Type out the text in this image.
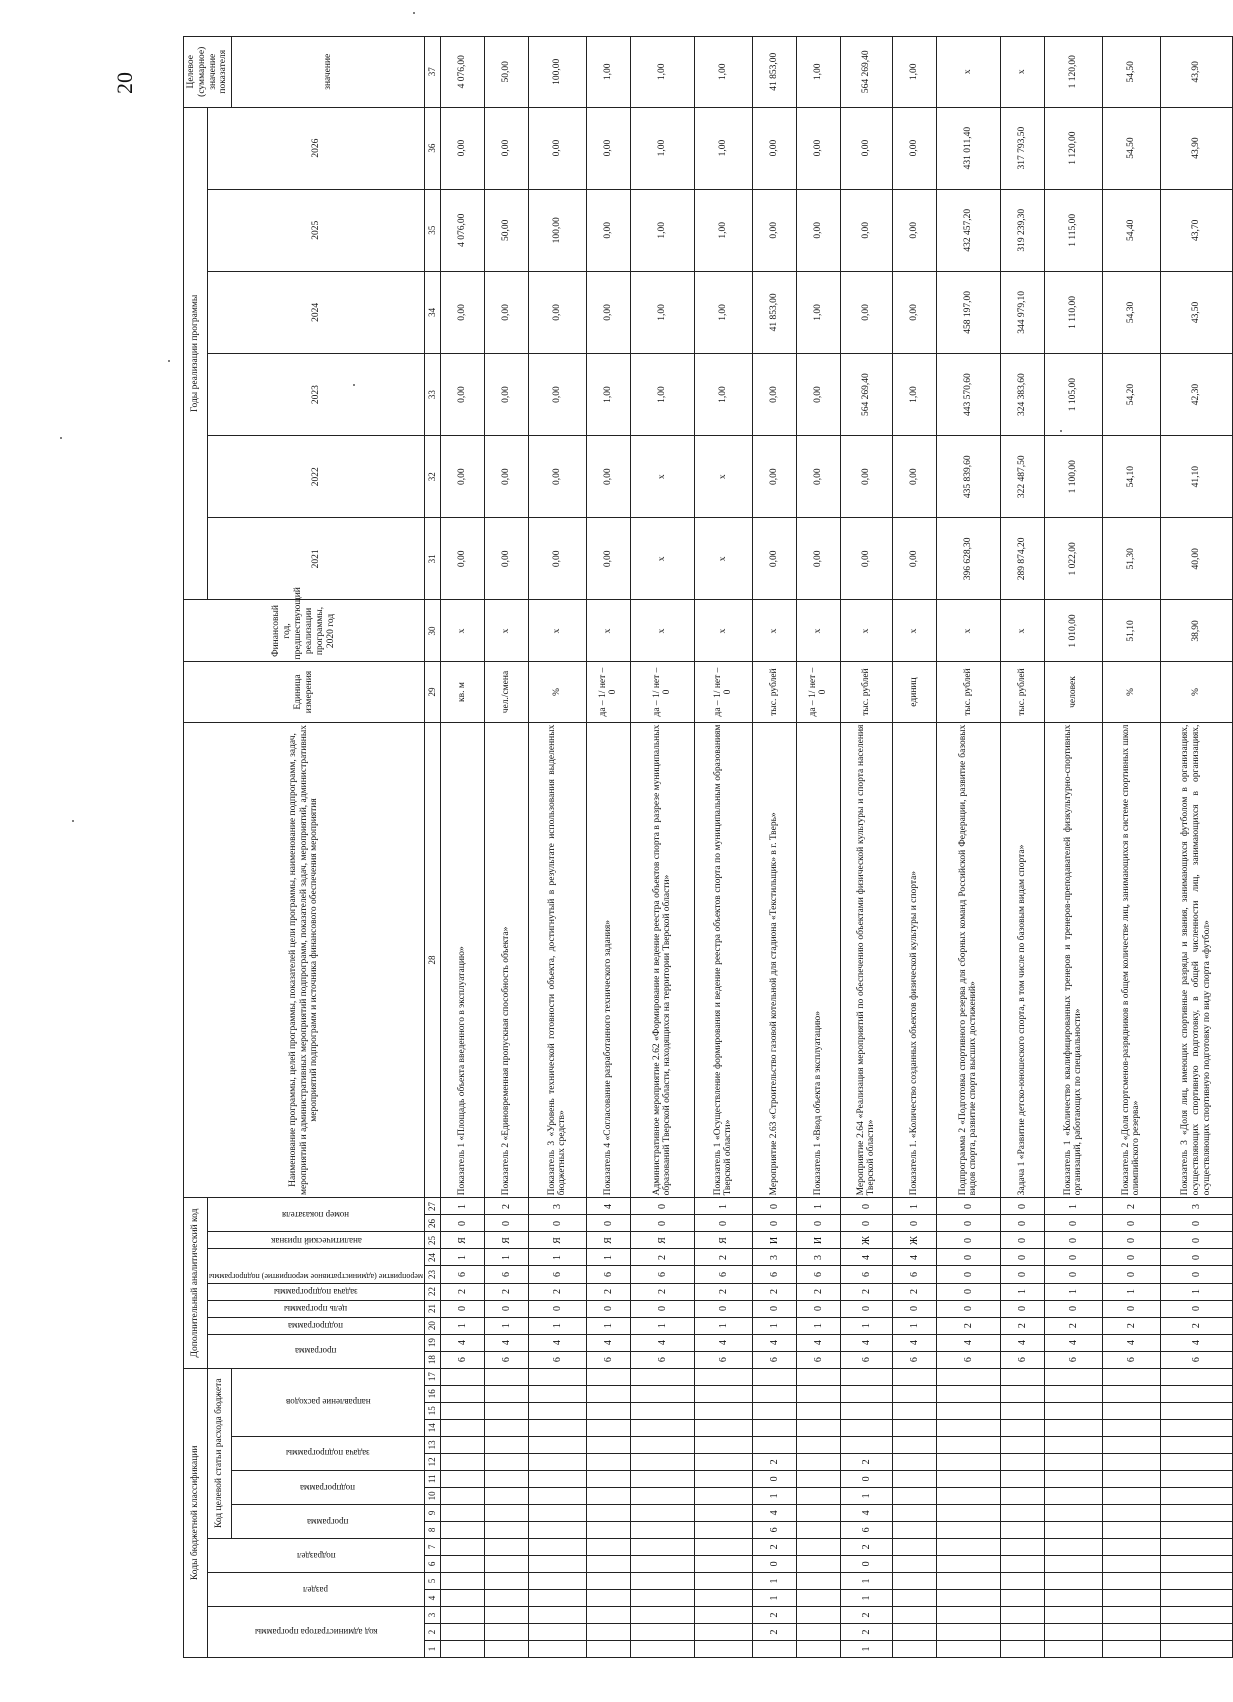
20
Коды бюджетной классификации																	Дополнительный аналитический код										Наименование программы, целей программы, показателей цели программы, наименование подпрограмм, задач, мероприятий и административных мероприятий подпрограмм, показателей задач, мероприятий, административных мероприятий подпрограмм и источника финансового обеспечения мероприятия	Единица измерения	Финансовый год, предшествующий реализации программы, 2020 год	Годы реализации программы						Целевое (суммарное) значение показателя

код администратора программы			раздел		подраздел		Код целевой статьи расхода бюджета										программа		подпрограмма	цель программы	задача подпрограммы	мероприятие (административное мероприятие) подпрограммы		аналитический признак	номер показателя					2021	2022	2023	2024	2025	2026	

							программа		подпрограмма		задача подпрограммы		направление расходов																							значение

1	2	3	4	5	6	7	8	9	10	11	12	13	14	15	16	17	18	19	20	21	22	23	24	25	26	27	28	29	30	31	32	33	34	35	36	37
																	6	4	1	0	2	6	1	Я	0	1	Показатель 1 «Площадь объекта введенного в эксплуатацию»	кв. м	х	0,00	0,00	0,00	0,00	4 076,00	0,00	4 076,00
																	6	4	1	0	2	6	1	Я	0	2	Показатель 2 «Единовременная пропускная способность объекта»	чел./смена	х	0,00	0,00	0,00	0,00	50,00	0,00	50,00
																	6	4	1	0	2	6	1	Я	0	3	Показатель 3 «Уровень технической готовности объекта, достигнутый в результате использования выделенных бюджетных средств»	%	х	0,00	0,00	0,00	0,00	100,00	0,00	100,00
																	6	4	1	0	2	6	1	Я	0	4	Показатель 4 «Согласование разработанного технического задания»	да – 1/ нет – 0	х	0,00	0,00	1,00	0,00	0,00	0,00	1,00
																	6	4	1	0	2	6	2	Я	0	0	Административное мероприятие 2.62 «Формирование и ведение реестра объектов спорта в разрезе муниципальных образований Тверской области, находящихся на территории Тверской области»	да – 1/ нет – 0	х	х	х	1,00	1,00	1,00	1,00	1,00
																	6	4	1	0	2	6	2	Я	0	1	Показатель 1 «Осуществление формирования и ведение реестра объектов спорта по муниципальным образованиям Тверской области»	да – 1/ нет – 0	х	х	х	1,00	1,00	1,00	1,00	1,00
	2	2	1	1	0	2	6	4	1	0	2						6	4	1	0	2	6	3	И	0	0	Мероприятие 2.63 «Строительство газовой котельной для стадиона «Текстильщик» в г. Тверь»	тыс. рублей	х	0,00	0,00	0,00	41 853,00	0,00	0,00	41 853,00
																	6	4	1	0	2	6	3	И	0	1	Показатель 1 «Ввод объекта в эксплуатацию»	да – 1/ нет – 0	х	0,00	0,00	0,00	1,00	0,00	0,00	1,00
1	2	2	1	1	0	2	6	4	1	0	2						6	4	1	0	2	6	4	Ж	0	0	Мероприятие 2.64 «Реализация мероприятий по обеспечению объектами физической культуры и спорта населения Тверской области»	тыс. рублей	х	0,00	0,00	564 269,40	0,00	0,00	0,00	564 269,40
																	6	4	1	0	2	6	4	Ж	0	1	Показатель 1. «Количество созданных объектов физической культуры и спорта»	единиц	х	0,00	0,00	1,00	0,00	0,00	0,00	1,00
																	6	4	2	0	0	0	0	0	0	0	Подпрограмма 2 «Подготовка спортивного резерва для сборных команд Российской Федерации, развитие базовых видов спорта, развитие спорта высших достижений»	тыс. рублей	х	396 628,30	435 839,60	443 570,60	458 197,00	432 457,20	431 011,40	х
																	6	4	2	0	1	0	0	0	0	0	Задача 1 «Развитие детско-юношеского спорта, в том числе по базовым видам спорта»	тыс. рублей	х	289 874,20	322 487,50	324 383,60	344 979,10	319 239,30	317 793,50	х
																	6	4	2	0	1	0	0	0	0	1	Показатель 1 «Количество квалифицированных тренеров и тренеров-преподавателей физкультурно-спортивных организаций, работающих по специальности»	человек	1 010,00	1 022,00	1 100,00	1 105,00	1 110,00	1 115,00	1 120,00	1 120,00
																	6	4	2	0	1	0	0	0	0	2	Показатель 2 «Доля спортсменов-разрядников в общем количестве лиц, занимающихся в системе спортивных школ олимпийского резерва»	%	51,10	51,30	54,10	54,20	54,30	54,40	54,50	54,50
																	6	4	2	0	1	0	0	0	0	3	Показатель 3 «Доля лиц, имеющих спортивные разряды и звания, занимающихся футболом в организациях, осуществляющих спортивную подготовку, в общей численности лиц, занимающихся в организациях, осуществляющих спортивную подготовку по виду спорта «футбол»	%	38,90	40,00	41,10	42,30	43,50	43,70	43,90	43,90
